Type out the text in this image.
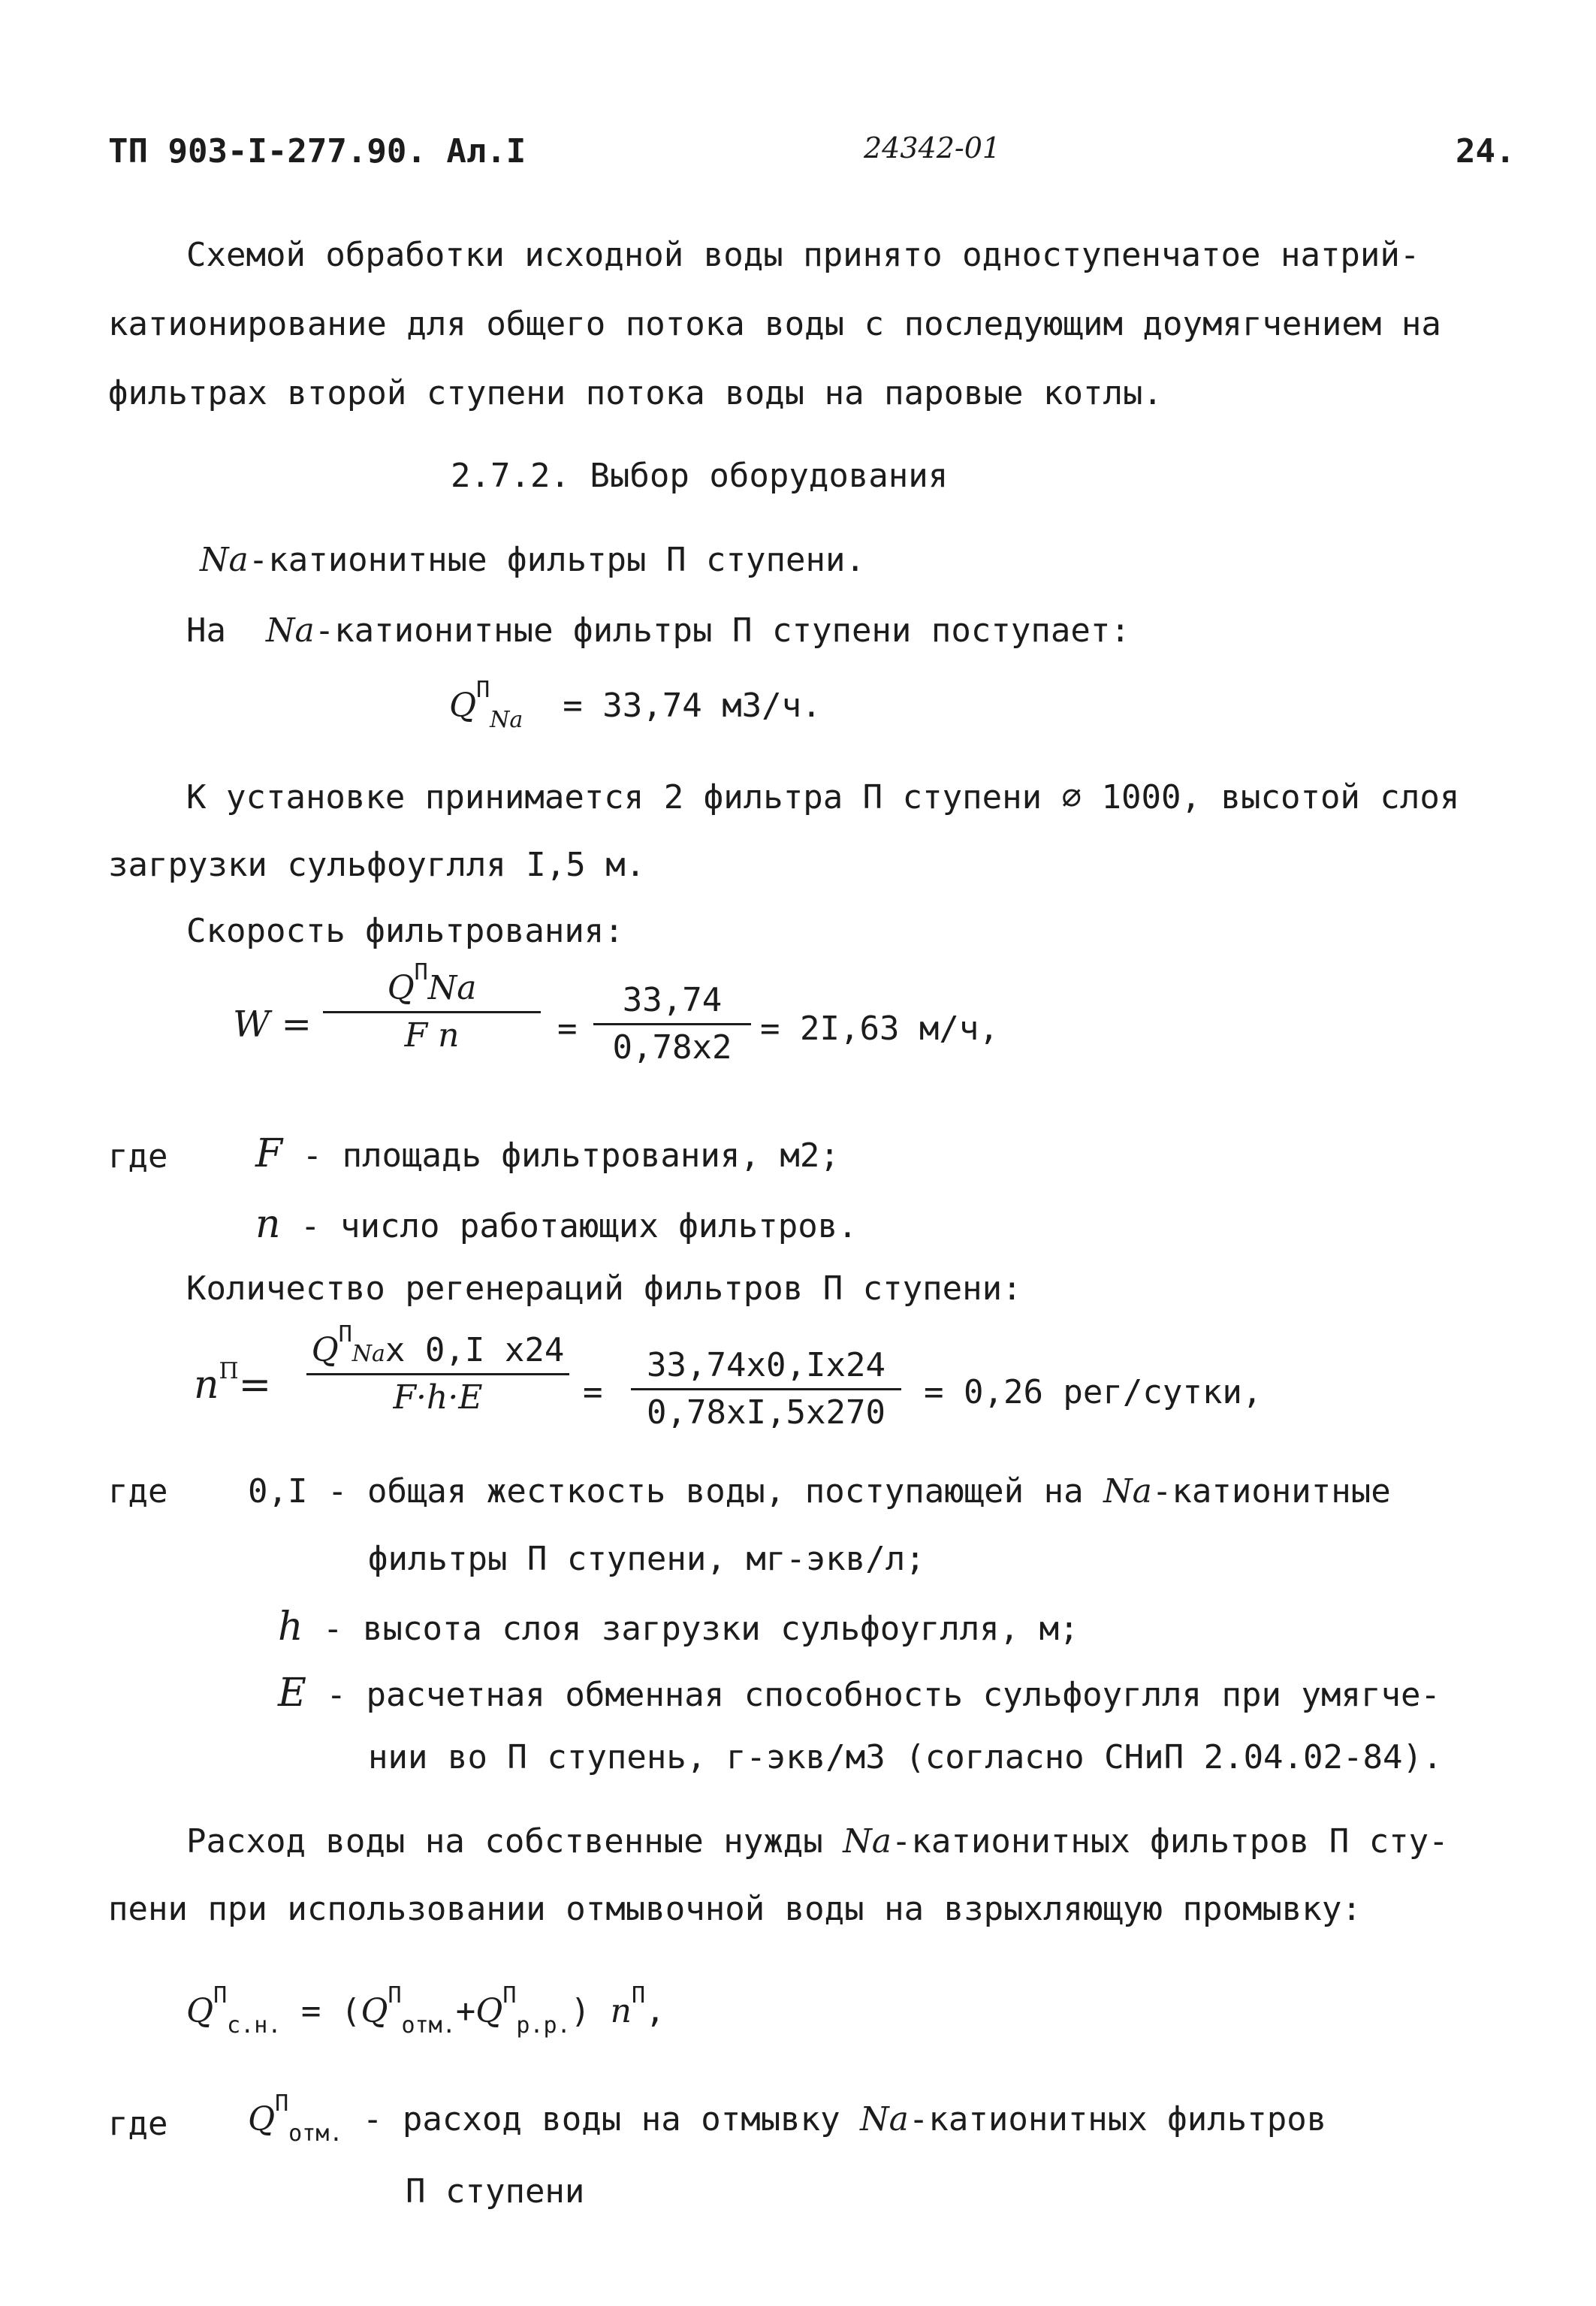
ТП 903-I-277.90. Ал.I	24342-01	24.
Схемой обработки исходной воды принято одноступенчатое натрий-
катионирование для общего потока воды с последующим доумягчением на
фильтрах второй ступени потока воды на паровые котлы.
2.7.2. Выбор оборудования
Na-катионитные фильтры П ступени.
На Na-катионитные фильтры П ступени поступает:
$Q^П_{Na} = 33,74$ м3/ч.
К установке принимается 2 фильтра П ступени ∅ 1000, высотой слоя
загрузки сульфоуглля I,5 м.
Скорость фильтрования:
W =
$Q^ПNa$
F n	=
33,74
0,78x2 = 2I,63 м/ч,
где F - площадь фильтрования, м2;
n - число работающих фильтров.
Количество регенераций фильтров П ступени:
$n^П=$
$Q^ПNax$ 0,I x24
F·h·E	=
33,74x0,Ix24
0,78xI,5x270
= 0,26 рег/сутки,
где 0,I - общая жесткость воды, поступающей на Na-катионитные
фильтры П ступени, мг-экв/л;
h - высота слоя загрузки сульфоуглля, м;
E - расчетная обменная способность сульфоуглля при умягче-
нии во П ступень, г-экв/м3 (согласно СНиП 2.04.02-84).
Расход воды на собственные нужды Na-катионитных фильтров П сту-
пени при использовании отмывочной воды на взрыхляющую промывку:
$Q^П_{с.н.} = (Q^П_{отм.}+Q^П_{р.р.})$ $n^П$,
где $Q^П_{отм.}$ - расход воды на отмывку Na-катионитных фильтров
П ступени
